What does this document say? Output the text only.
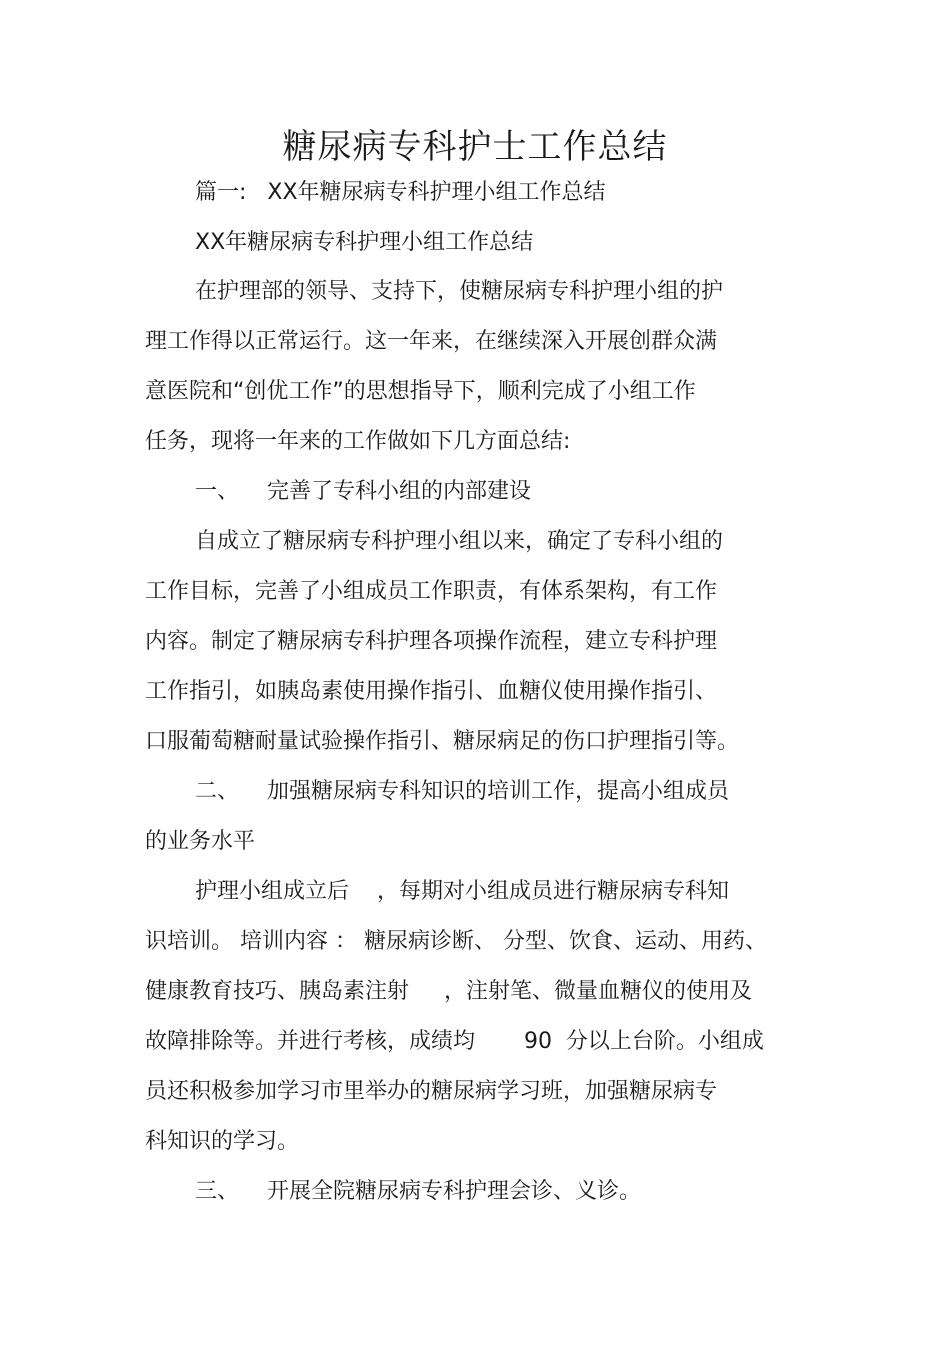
糖尿病专科护士工作总结

篇一:   XX年糖尿病专科护理小组工作总结

XX年糖尿病专科护理小组工作总结

在护理部的领导、支持下，使糖尿病专科护理小组的护

理工作得以正常运行。这一年来，在继续深入开展创群众满

意医院和“创优工作”的思想指导下，顺利完成了小组工作

任务，现将一年来的工作做如下几方面总结:

一、    完善了专科小组的内部建设

自成立了糖尿病专科护理小组以来，确定了专科小组的

工作目标，完善了小组成员工作职责，有体系架构，有工作

内容。制定了糖尿病专科护理各项操作流程，建立专科护理

工作指引，如胰岛素使用操作指引、血糖仪使用操作指引、

口服葡萄糖耐量试验操作指引、糖尿病足的伤口护理指引等。

二、    加强糖尿病专科知识的培训工作，提高小组成员

的业务水平

护理小组成立后    ，每期对小组成员进行糖尿病专科知

识培训。 培训内容 ： 糖尿病诊断、 分型、饮食、运动、用药、

健康教育技巧、胰岛素注射     ，注射笔、微量血糖仪的使用及

故障排除等。并进行考核，成绩均       90  分以上台阶。小组成

员还积极参加学习市里举办的糖尿病学习班，加强糖尿病专

科知识的学习。

三、    开展全院糖尿病专科护理会诊、义诊。
